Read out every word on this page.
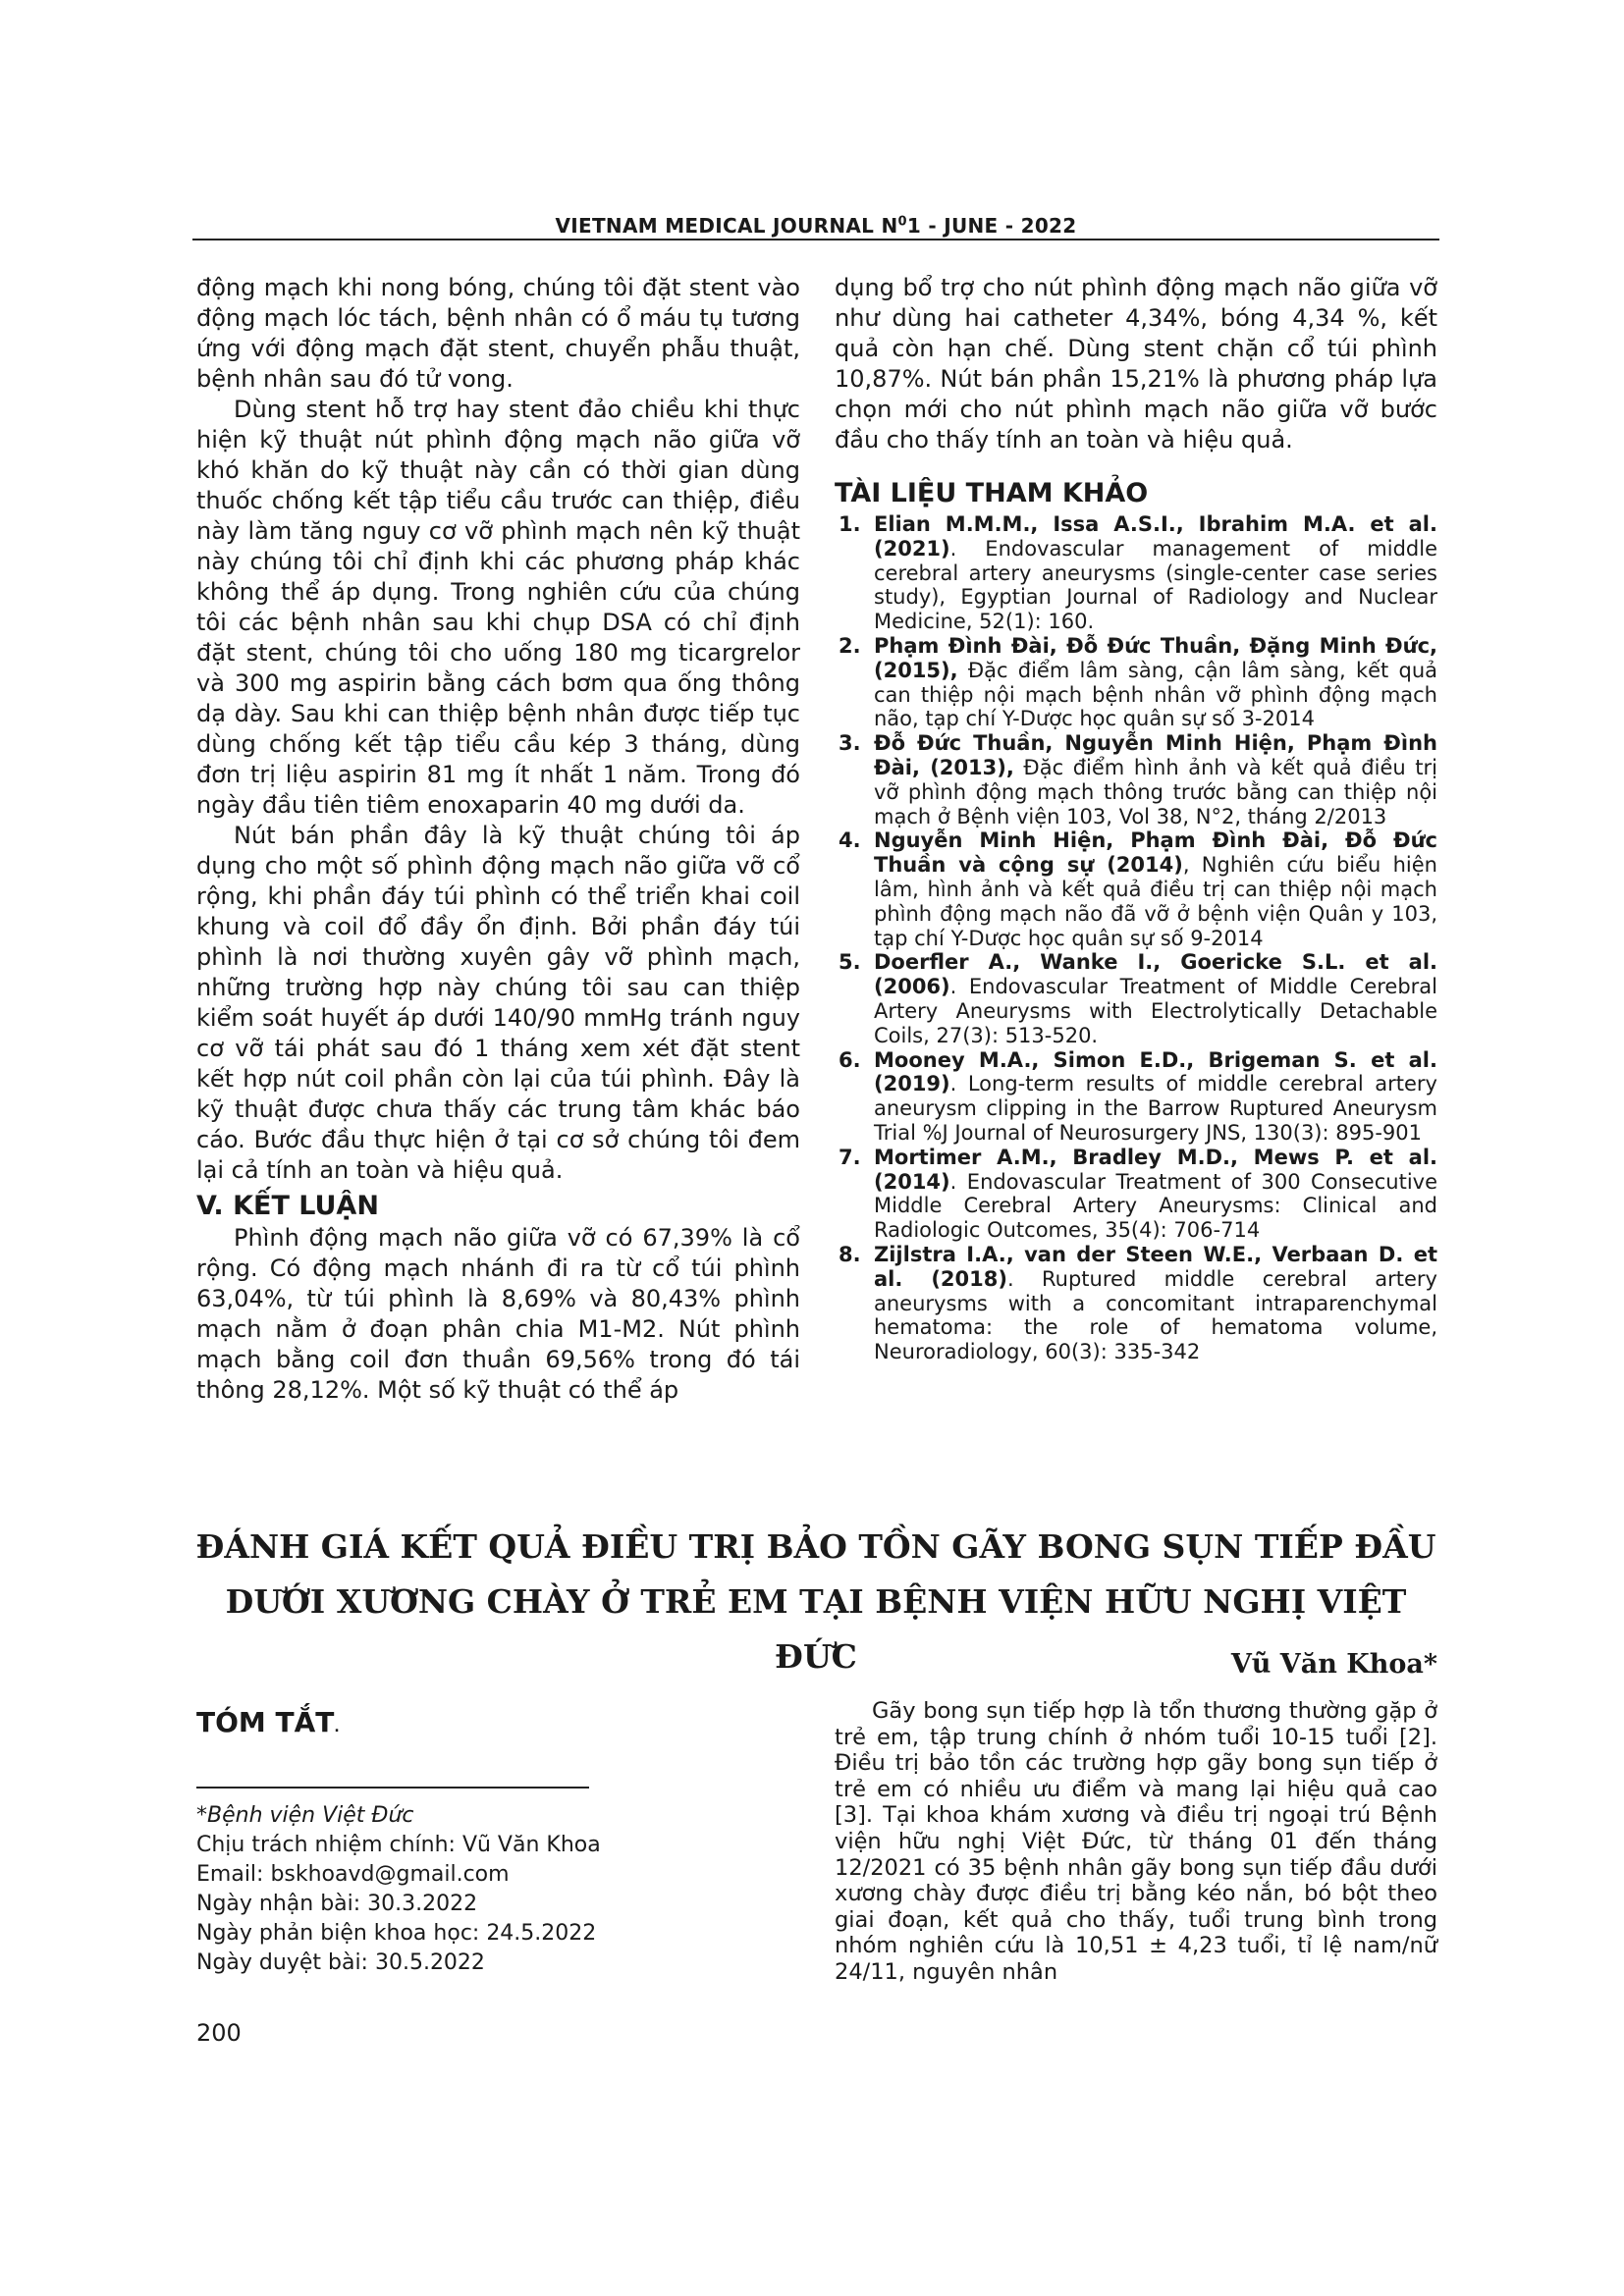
VIETNAM MEDICAL JOURNAL $N^01$ - JUNE - 2022

động mạch khi nong bóng, chúng tôi đặt stent vào động mạch lóc tách, bệnh nhân có ổ máu tụ tương ứng với động mạch đặt stent, chuyển phẫu thuật, bệnh nhân sau đó tử vong.

Dùng stent hỗ trợ hay stent đảo chiều khi thực hiện kỹ thuật nút phình động mạch não giữa vỡ khó khăn do kỹ thuật này cần có thời gian dùng thuốc chống kết tập tiểu cầu trước can thiệp, điều này làm tăng nguy cơ vỡ phình mạch nên kỹ thuật này chúng tôi chỉ định khi các phương pháp khác không thể áp dụng. Trong nghiên cứu của chúng tôi các bệnh nhân sau khi chụp DSA có chỉ định đặt stent, chúng tôi cho uống 180 mg ticargrelor và 300 mg aspirin bằng cách bơm qua ống thông dạ dày. Sau khi can thiệp bệnh nhân được tiếp tục dùng chống kết tập tiểu cầu kép 3 tháng, dùng đơn trị liệu aspirin 81 mg ít nhất 1 năm. Trong đó ngày đầu tiên tiêm enoxaparin 40 mg dưới da.

Nút bán phần đây là kỹ thuật chúng tôi áp dụng cho một số phình động mạch não giữa vỡ cổ rộng, khi phần đáy túi phình có thể triển khai coil khung và coil đổ đầy ổn định. Bởi phần đáy túi phình là nơi thường xuyên gây vỡ phình mạch, những trường hợp này chúng tôi sau can thiệp kiểm soát huyết áp dưới 140/90 mmHg tránh nguy cơ vỡ tái phát sau đó 1 tháng xem xét đặt stent kết hợp nút coil phần còn lại của túi phình. Đây là kỹ thuật được chưa thấy các trung tâm khác báo cáo. Bước đầu thực hiện ở tại cơ sở chúng tôi đem lại cả tính an toàn và hiệu quả.

V. KẾT LUẬN

Phình động mạch não giữa vỡ có 67,39% là cổ rộng. Có động mạch nhánh đi ra từ cổ túi phình 63,04%, từ túi phình là 8,69% và 80,43% phình mạch nằm ở đoạn phân chia M1-M2. Nút phình mạch bằng coil đơn thuần 69,56% trong đó tái thông 28,12%. Một số kỹ thuật có thể áp

dụng bổ trợ cho nút phình động mạch não giữa vỡ như dùng hai catheter 4,34%, bóng 4,34 %, kết quả còn hạn chế. Dùng stent chặn cổ túi phình 10,87%. Nút bán phần 15,21% là phương pháp lựa chọn mới cho nút phình mạch não giữa vỡ bước đầu cho thấy tính an toàn và hiệu quả.

TÀI LIỆU THAM KHẢO
1. Elian M.M.M., Issa A.S.I., Ibrahim M.A. et al. (2021). Endovascular management of middle cerebral artery aneurysms (single-center case series study), Egyptian Journal of Radiology and Nuclear Medicine, 52(1): 160.
2. Phạm Đình Đài, Đỗ Đức Thuần, Đặng Minh Đức, (2015), Đặc điểm lâm sàng, cận lâm sàng, kết quả can thiệp nội mạch bệnh nhân vỡ phình động mạch não, tạp chí Y-Dược học quân sự số 3-2014
3. Đỗ Đức Thuần, Nguyễn Minh Hiện, Phạm Đình Đài, (2013), Đặc điểm hình ảnh và kết quả điều trị vỡ phình động mạch thông trước bằng can thiệp nội mạch ở Bệnh viện 103, Vol 38, N°2, tháng 2/2013
4. Nguyễn Minh Hiện, Phạm Đình Đài, Đỗ Đức Thuần và cộng sự (2014), Nghiên cứu biểu hiện lâm, hình ảnh và kết quả điều trị can thiệp nội mạch phình động mạch não đã vỡ ở bệnh viện Quân y 103, tạp chí Y-Dược học quân sự số 9-2014
5. Doerfler A., Wanke I., Goericke S.L. et al. (2006). Endovascular Treatment of Middle Cerebral Artery Aneurysms with Electrolytically Detachable Coils, 27(3): 513-520.
6. Mooney M.A., Simon E.D., Brigeman S. et al. (2019). Long-term results of middle cerebral artery aneurysm clipping in the Barrow Ruptured Aneurysm Trial %J Journal of Neurosurgery JNS, 130(3): 895-901
7. Mortimer A.M., Bradley M.D., Mews P. et al. (2014). Endovascular Treatment of 300 Consecutive Middle Cerebral Artery Aneurysms: Clinical and Radiologic Outcomes, 35(4): 706-714
8. Zijlstra I.A., van der Steen W.E., Verbaan D. et al. (2018). Ruptured middle cerebral artery aneurysms with a concomitant intraparenchymal hematoma: the role of hematoma volume, Neuroradiology, 60(3): 335-342
ĐÁNH GIÁ KẾT QUẢ ĐIỀU TRỊ BẢO TỒN GÃY BONG SỤN TIẾP ĐẦU
DƯỚI XƯƠNG CHÀY Ở TRẺ EM TẠI BỆNH VIỆN HỮU NGHỊ VIỆT ĐỨC	Vũ Văn Khoa*
TÓM TẮT.
*Bệnh viện Việt Đức
Chịu trách nhiệm chính: Vũ Văn Khoa
Email: bskhoavd@gmail.com
Ngày nhận bài: 30.3.2022
Ngày phản biện khoa học: 24.5.2022
Ngày duyệt bài: 30.5.2022

Gãy bong sụn tiếp hợp là tổn thương thường gặp ở trẻ em, tập trung chính ở nhóm tuổi 10-15 tuổi [2]. Điều trị bảo tồn các trường hợp gãy bong sụn tiếp ở trẻ em có nhiều ưu điểm và mang lại hiệu quả cao [3]. Tại khoa khám xương và điều trị ngoại trú Bệnh viện hữu nghị Việt Đức, từ tháng 01 đến tháng 12/2021 có 35 bệnh nhân gãy bong sụn tiếp đầu dưới xương chày được điều trị bằng kéo nắn, bó bột theo giai đoạn, kết quả cho thấy, tuổi trung bình trong nhóm nghiên cứu là 10,51 ± 4,23 tuổi, tỉ lệ nam/nữ 24/11, nguyên nhân

200
